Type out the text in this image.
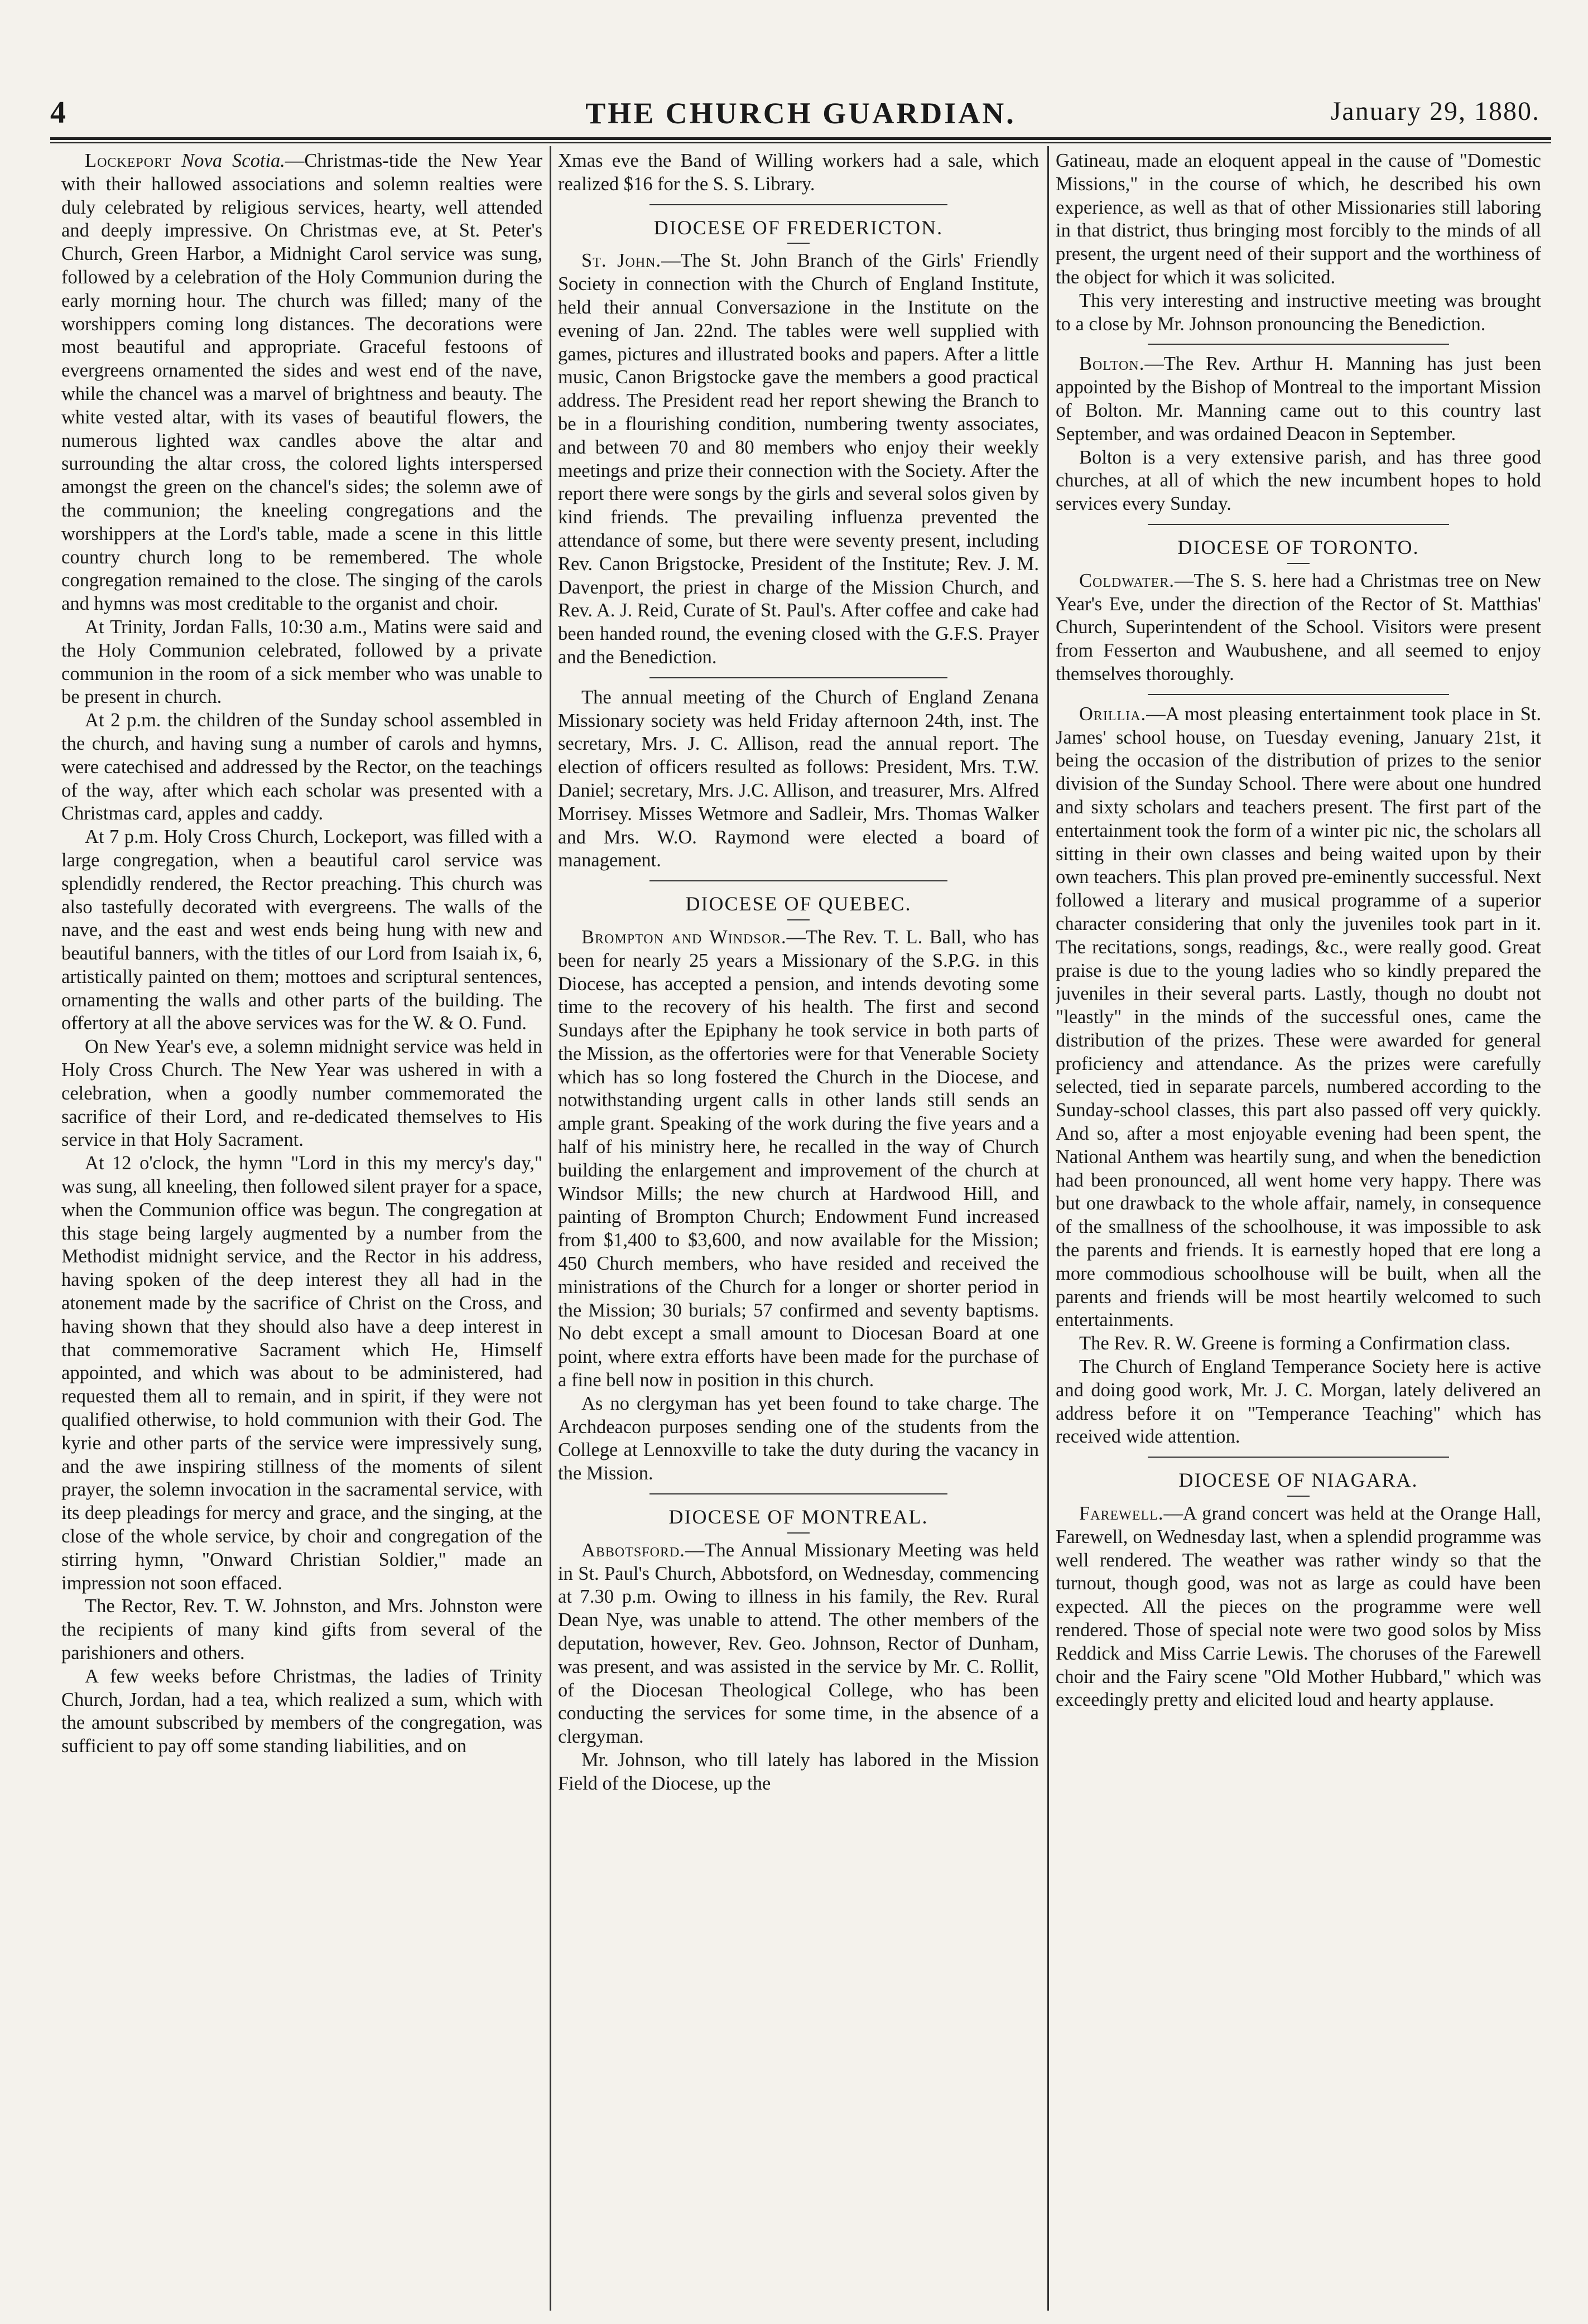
4	THE CHURCH GUARDIAN.	January 29, 1880.

Lockeport Nova Scotia.—Christmas-tide the New Year with their hallowed associations and solemn realties were duly celebrated by religious services, hearty, well attended and deeply impressive. On Christmas eve, at St. Peter's Church, Green Harbor, a Midnight Carol service was sung, followed by a celebration of the Holy Communion during the early morning hour. The church was filled; many of the worshippers coming long distances. The decorations were most beautiful and appropriate. Graceful festoons of evergreens ornamented the sides and west end of the nave, while the chancel was a marvel of brightness and beauty. The white vested altar, with its vases of beautiful flowers, the numerous lighted wax candles above the altar and surrounding the altar cross, the colored lights interspersed amongst the green on the chancel's sides; the solemn awe of the communion; the kneeling congregations and the worshippers at the Lord's table, made a scene in this little country church long to be remembered. The whole congregation remained to the close. The singing of the carols and hymns was most creditable to the organist and choir.

At Trinity, Jordan Falls, 10:30 a.m., Matins were said and the Holy Communion celebrated, followed by a private communion in the room of a sick member who was unable to be present in church.

At 2 p.m. the children of the Sunday school assembled in the church, and having sung a number of carols and hymns, were catechised and addressed by the Rector, on the teachings of the way, after which each scholar was presented with a Christmas card, apples and caddy.

At 7 p.m. Holy Cross Church, Lockeport, was filled with a large congregation, when a beautiful carol service was splendidly rendered, the Rector preaching. This church was also tastefully decorated with evergreens. The walls of the nave, and the east and west ends being hung with new and beautiful banners, with the titles of our Lord from Isaiah ix, 6, artistically painted on them; mottoes and scriptural sentences, ornamenting the walls and other parts of the building. The offertory at all the above services was for the W. & O. Fund.

On New Year's eve, a solemn midnight service was held in Holy Cross Church. The New Year was ushered in with a celebration, when a goodly number commemorated the sacrifice of their Lord, and re-dedicated themselves to His service in that Holy Sacrament.

At 12 o'clock, the hymn "Lord in this my mercy's day," was sung, all kneeling, then followed silent prayer for a space, when the Communion office was begun. The congregation at this stage being largely augmented by a number from the Methodist midnight service, and the Rector in his address, having spoken of the deep interest they all had in the atonement made by the sacrifice of Christ on the Cross, and having shown that they should also have a deep interest in that commemorative Sacrament which He, Himself appointed, and which was about to be administered, had requested them all to remain, and in spirit, if they were not qualified otherwise, to hold communion with their God. The kyrie and other parts of the service were impressively sung, and the awe inspiring stillness of the moments of silent prayer, the solemn invocation in the sacramental service, with its deep pleadings for mercy and grace, and the singing, at the close of the whole service, by choir and congregation of the stirring hymn, "Onward Christian Soldier," made an impression not soon effaced.

The Rector, Rev. T. W. Johnston, and Mrs. Johnston were the recipients of many kind gifts from several of the parishioners and others.

A few weeks before Christmas, the ladies of Trinity Church, Jordan, had a tea, which realized a sum, which with the amount subscribed by members of the congregation, was sufficient to pay off some standing liabilities, and on

Xmas eve the Band of Willing workers had a sale, which realized $16 for the S. S. Library.

DIOCESE OF FREDERICTON.

St. John.—The St. John Branch of the Girls' Friendly Society in connection with the Church of England Institute, held their annual Conversazione in the Institute on the evening of Jan. 22nd. The tables were well supplied with games, pictures and illustrated books and papers. After a little music, Canon Brigstocke gave the members a good practical address. The President read her report shewing the Branch to be in a flourishing condition, numbering twenty associates, and between 70 and 80 members who enjoy their weekly meetings and prize their connection with the Society. After the report there were songs by the girls and several solos given by kind friends. The prevailing influenza prevented the attendance of some, but there were seventy present, including Rev. Canon Brigstocke, President of the Institute; Rev. J. M. Davenport, the priest in charge of the Mission Church, and Rev. A. J. Reid, Curate of St. Paul's. After coffee and cake had been handed round, the evening closed with the G.F.S. Prayer and the Benediction.

The annual meeting of the Church of England Zenana Missionary society was held Friday afternoon 24th, inst. The secretary, Mrs. J. C. Allison, read the annual report. The election of officers resulted as follows: President, Mrs. T.W. Daniel; secretary, Mrs. J.C. Allison, and treasurer, Mrs. Alfred Morrisey. Misses Wetmore and Sadleir, Mrs. Thomas Walker and Mrs. W.O. Raymond were elected a board of management.

DIOCESE OF QUEBEC.

Brompton and Windsor.—The Rev. T. L. Ball, who has been for nearly 25 years a Missionary of the S.P.G. in this Diocese, has accepted a pension, and intends devoting some time to the recovery of his health. The first and second Sundays after the Epiphany he took service in both parts of the Mission, as the offertories were for that Venerable Society which has so long fostered the Church in the Diocese, and notwithstanding urgent calls in other lands still sends an ample grant. Speaking of the work during the five years and a half of his ministry here, he recalled in the way of Church building the enlargement and improvement of the church at Windsor Mills; the new church at Hardwood Hill, and painting of Brompton Church; Endowment Fund increased from $1,400 to $3,600, and now available for the Mission; 450 Church members, who have resided and received the ministrations of the Church for a longer or shorter period in the Mission; 30 burials; 57 confirmed and seventy baptisms. No debt except a small amount to Diocesan Board at one point, where extra efforts have been made for the purchase of a fine bell now in position in this church.

As no clergyman has yet been found to take charge. The Archdeacon purposes sending one of the students from the College at Lennoxville to take the duty during the vacancy in the Mission.

DIOCESE OF MONTREAL.

Abbotsford.—The Annual Missionary Meeting was held in St. Paul's Church, Abbotsford, on Wednesday, commencing at 7.30 p.m. Owing to illness in his family, the Rev. Rural Dean Nye, was unable to attend. The other members of the deputation, however, Rev. Geo. Johnson, Rector of Dunham, was present, and was assisted in the service by Mr. C. Rollit, of the Diocesan Theological College, who has been conducting the services for some time, in the absence of a clergyman.

Mr. Johnson, who till lately has labored in the Mission Field of the Diocese, up the

Gatineau, made an eloquent appeal in the cause of "Domestic Missions," in the course of which, he described his own experience, as well as that of other Missionaries still laboring in that district, thus bringing most forcibly to the minds of all present, the urgent need of their support and the worthiness of the object for which it was solicited.

This very interesting and instructive meeting was brought to a close by Mr. Johnson pronouncing the Benediction.

Bolton.—The Rev. Arthur H. Manning has just been appointed by the Bishop of Montreal to the important Mission of Bolton. Mr. Manning came out to this country last September, and was ordained Deacon in September.

Bolton is a very extensive parish, and has three good churches, at all of which the new incumbent hopes to hold services every Sunday.

DIOCESE OF TORONTO.

Coldwater.—The S. S. here had a Christmas tree on New Year's Eve, under the direction of the Rector of St. Matthias' Church, Superintendent of the School. Visitors were present from Fesserton and Waubushene, and all seemed to enjoy themselves thoroughly.

Orillia.—A most pleasing entertainment took place in St. James' school house, on Tuesday evening, January 21st, it being the occasion of the distribution of prizes to the senior division of the Sunday School. There were about one hundred and sixty scholars and teachers present. The first part of the entertainment took the form of a winter pic nic, the scholars all sitting in their own classes and being waited upon by their own teachers. This plan proved pre-eminently successful. Next followed a literary and musical programme of a superior character considering that only the juveniles took part in it. The recitations, songs, readings, &c., were really good. Great praise is due to the young ladies who so kindly prepared the juveniles in their several parts. Lastly, though no doubt not "leastly" in the minds of the successful ones, came the distribution of the prizes. These were awarded for general proficiency and attendance. As the prizes were carefully selected, tied in separate parcels, numbered according to the Sunday-school classes, this part also passed off very quickly. And so, after a most enjoyable evening had been spent, the National Anthem was heartily sung, and when the benediction had been pronounced, all went home very happy. There was but one drawback to the whole affair, namely, in consequence of the smallness of the schoolhouse, it was impossible to ask the parents and friends. It is earnestly hoped that ere long a more commodious schoolhouse will be built, when all the parents and friends will be most heartily welcomed to such entertainments.

The Rev. R. W. Greene is forming a Confirmation class.

The Church of England Temperance Society here is active and doing good work, Mr. J. C. Morgan, lately delivered an address before it on "Temperance Teaching" which has received wide attention.

DIOCESE OF NIAGARA.

Farewell.—A grand concert was held at the Orange Hall, Farewell, on Wednesday last, when a splendid programme was well rendered. The weather was rather windy so that the turnout, though good, was not as large as could have been expected. All the pieces on the programme were well rendered. Those of special note were two good solos by Miss Reddick and Miss Carrie Lewis. The choruses of the Farewell choir and the Fairy scene "Old Mother Hubbard," which was exceedingly pretty and elicited loud and hearty applause.
